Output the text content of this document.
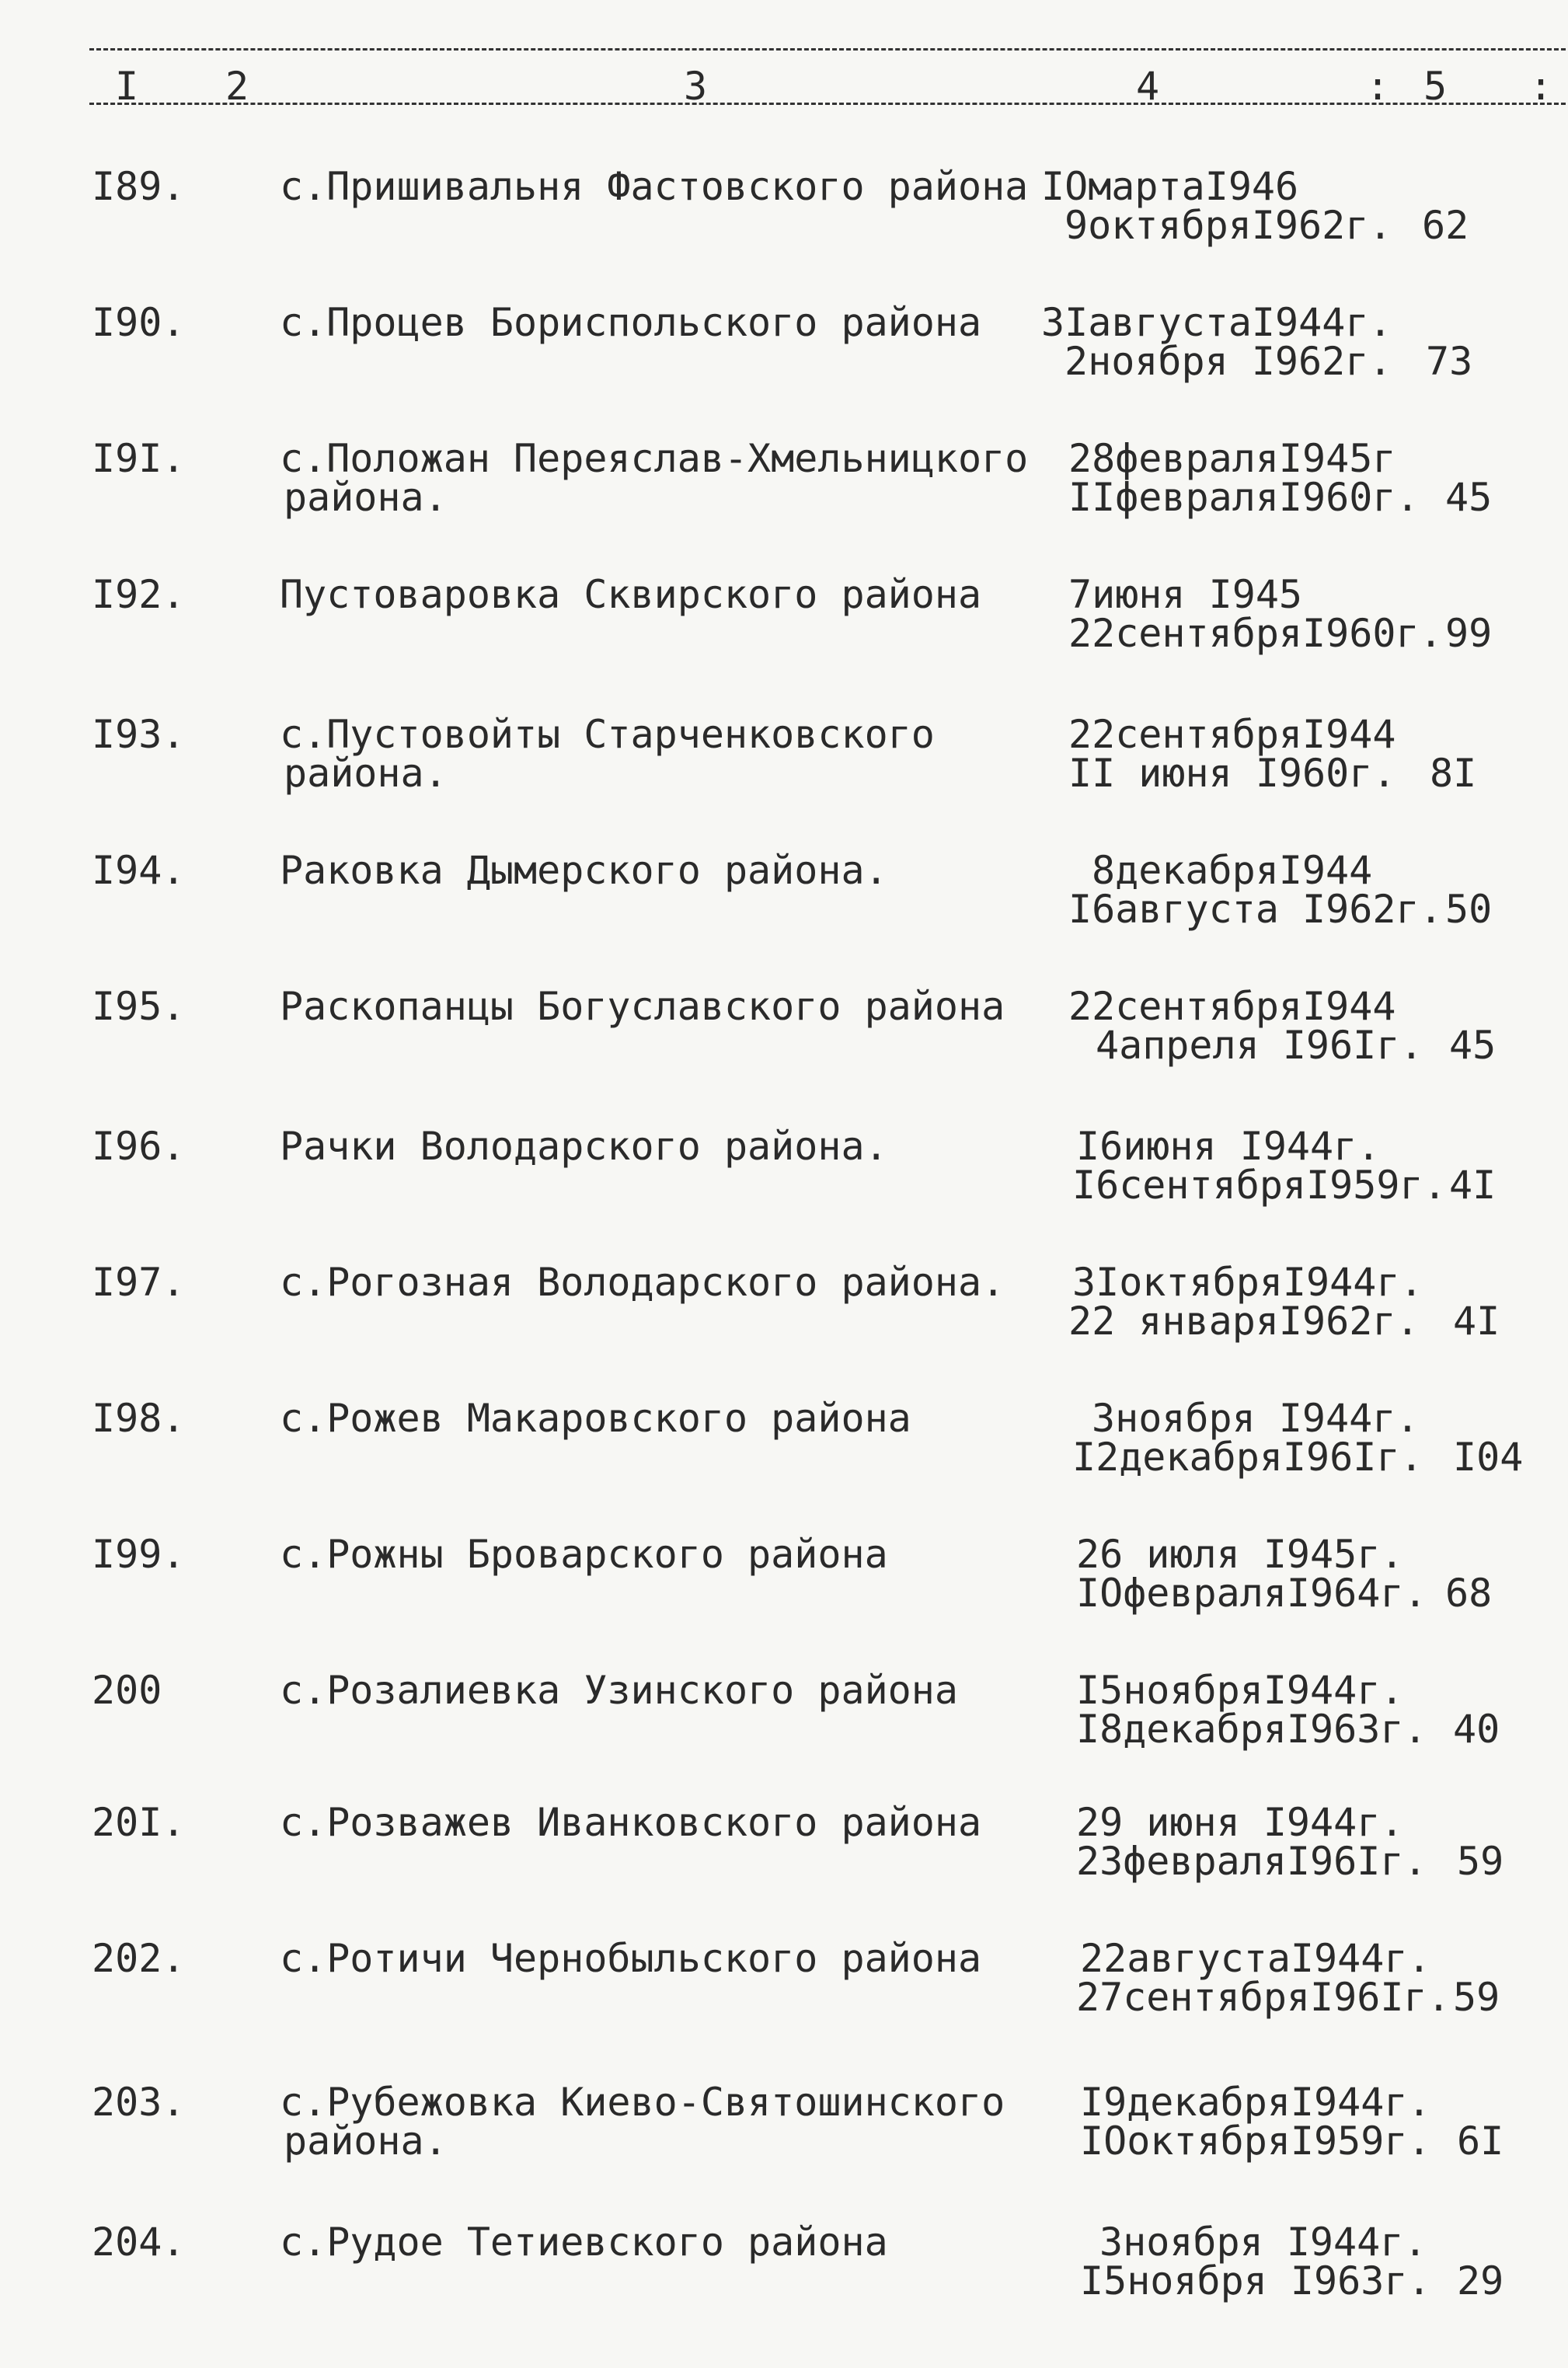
I 2	3	4	: 5 :
I89. с.Пришивальня Фастовского района IОмартаI946
9октябряI962г. 62
I90. с.Процев Бориспольского района 3IавгустаI944г.
2ноября I962г. 73
I9I. с.Положан Переяслав-Хмельницкого
района.
28февраляI945г
IIфевраляI960г. 45
I92. Пустоваровка Сквирского района 7июня I945
22сентябряI960г. 99
I93. с.Пустовойты Старченковского
района.
22сентябряI944
II июня I960г. 8I
I94. Раковка Дымерского района.	8декабряI944
I6августа I962г. 50
I95. Раскопанцы Богуславского района 22сентябряI944
4апреля I96Iг. 45
I96. Рачки Володарского района.	I6июня I944г.
I6сентябряI959г. 4I
I97. с.Рогозная Володарского района. 3IоктябряI944г.
22 январяI962г. 4I
I98. с.Рожев Макаровского района	3ноября I944г.
I2декабряI96Iг. I04
I99. с.Рожны Броварского района	26 июля I945г.
IОфевраляI964г. 68
200	с.Розалиевка Узинского района	I5ноябряI944г.
I8декабряI963г. 40
20I. с.Розважев Иванковского района 29 июня I944г.
23февраляI96Iг. 59
202. с.Ротичи Чернобыльского района	22августаI944г.
27сентябряI96Iг. 59
203. с.Рубежовка Киево-Святошинского
района.
I9декабряI944г.
IОоктябряI959г. 6I
204. с.Рудое Тетиевского района	3ноября I944г.
I5ноября I963г. 29
